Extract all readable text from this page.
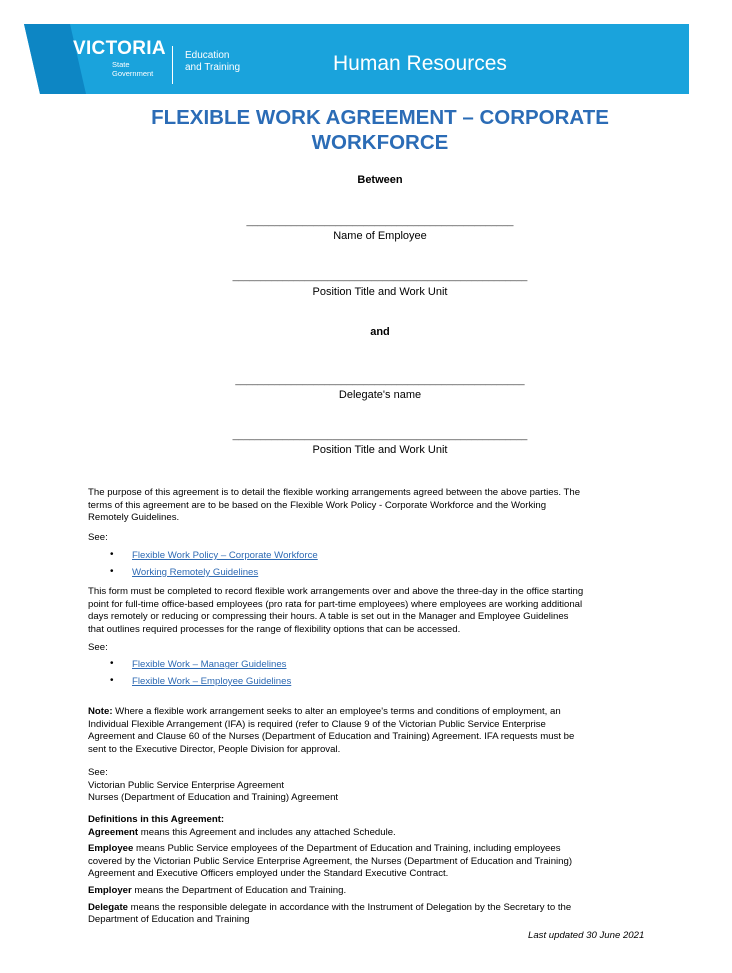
VICTORIA
State
Government
Education
and Training	Human Resources
FLEXIBLE WORK AGREEMENT – CORPORATE
WORKFORCE
Between
________________________________________________
Name of Employee
_____________________________________________________
Position Title and Work Unit
and
____________________________________________________
Delegate's name
_____________________________________________________
Position Title and Work Unit
The purpose of this agreement is to detail the flexible working arrangements agreed between the above parties. The
terms of this agreement are to be based on the Flexible Work Policy - Corporate Workforce and the Working
Remotely Guidelines.
See:
• Flexible Work Policy – Corporate Workforce
• Working Remotely Guidelines
This form must be completed to record flexible work arrangements over and above the three-day in the office starting
point for full-time office-based employees (pro rata for part-time employees) where employees are working additional
days remotely or reducing or compressing their hours. A table is set out in the Manager and Employee Guidelines
that outlines required processes for the range of flexibility options that can be accessed.
See:
• Flexible Work – Manager Guidelines
• Flexible Work – Employee Guidelines
Note: Where a flexible work arrangement seeks to alter an employee's terms and conditions of employment, an
Individual Flexible Arrangement (IFA) is required (refer to Clause 9 of the Victorian Public Service Enterprise
Agreement and Clause 60 of the Nurses (Department of Education and Training) Agreement. IFA requests must be
sent to the Executive Director, People Division for approval.
See:
Victorian Public Service Enterprise Agreement
Nurses (Department of Education and Training) Agreement
Definitions in this Agreement:
Agreement means this Agreement and includes any attached Schedule.
Employee means Public Service employees of the Department of Education and Training, including employees
covered by the Victorian Public Service Enterprise Agreement, the Nurses (Department of Education and Training)
Agreement and Executive Officers employed under the Standard Executive Contract.
Employer means the Department of Education and Training.
Delegate means the responsible delegate in accordance with the Instrument of Delegation by the Secretary to the
Department of Education and Training
Last updated 30 June 2021
